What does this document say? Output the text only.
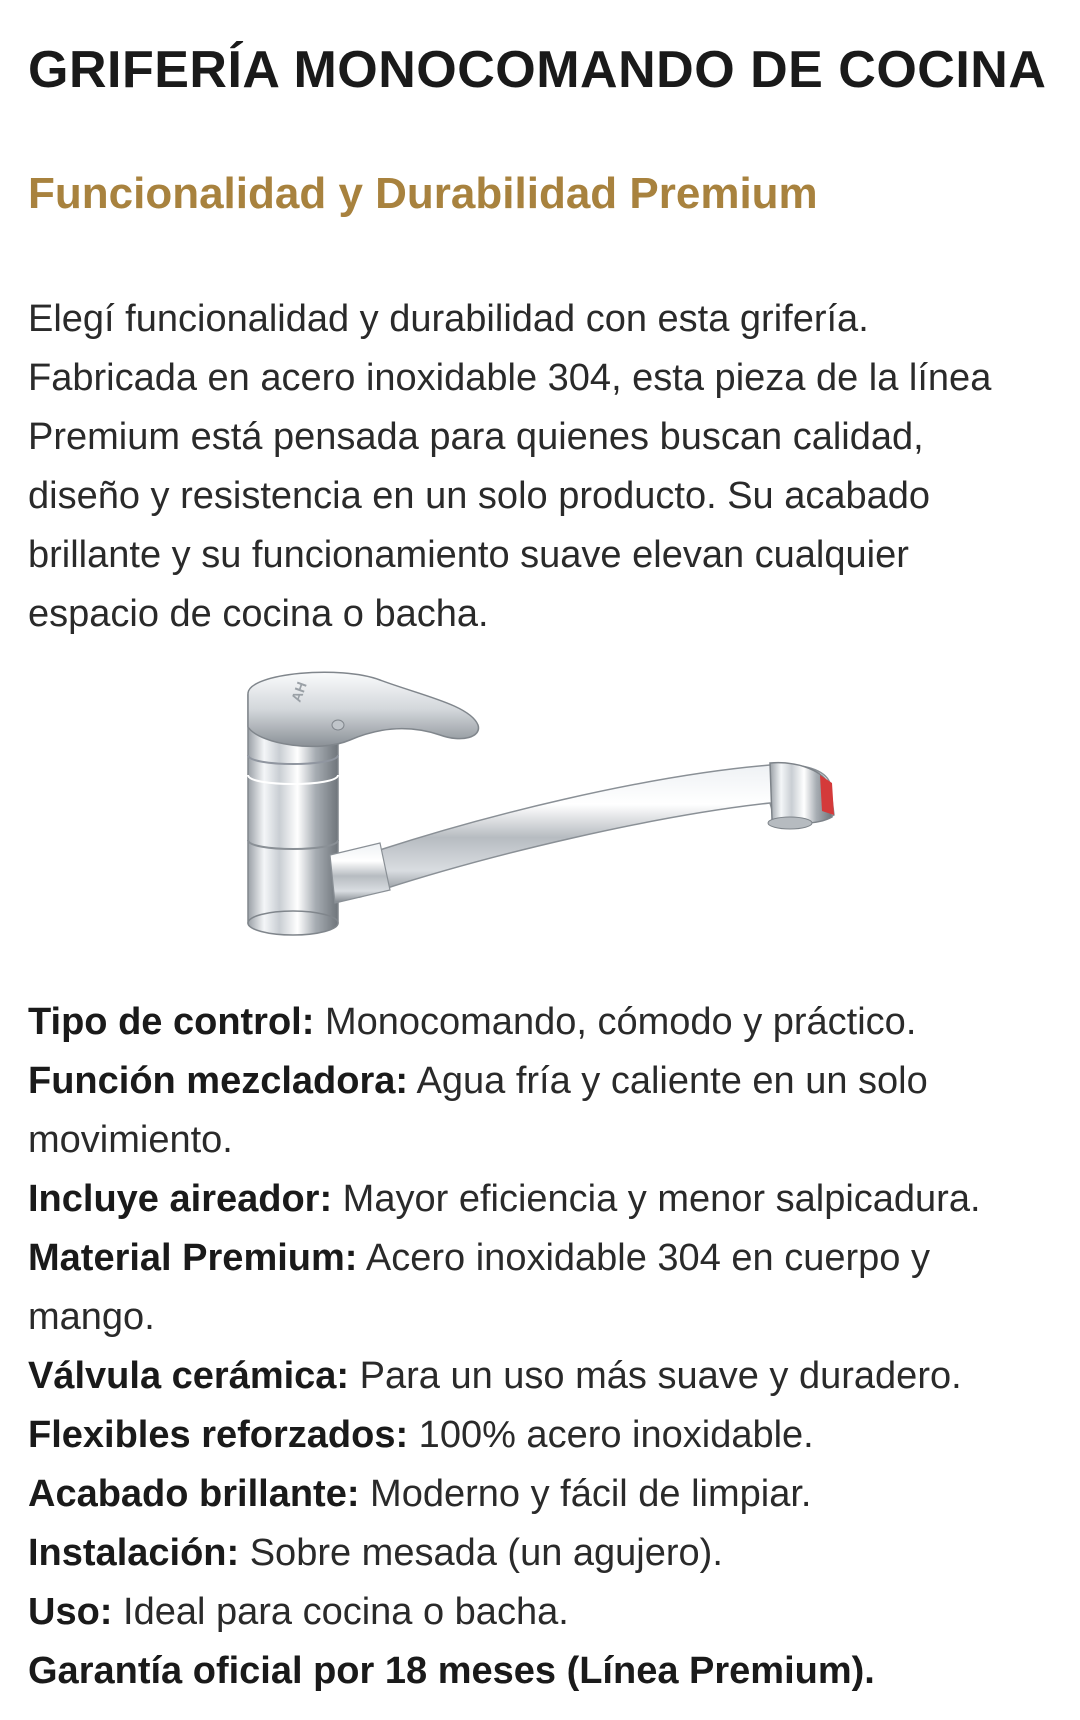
GRIFERÍA MONOCOMANDO DE COCINA
Funcionalidad y Durabilidad Premium

Elegí funcionalidad y durabilidad con esta grifería. Fabricada en acero inoxidable 304, esta pieza de la línea Premium está pensada para quienes buscan calidad, diseño y resistencia en un solo producto. Su acabado brillante y su funcionamiento suave elevan cualquier espacio de cocina o bacha.

AH
Tipo de control: Monocomando, cómodo y práctico.
Función mezcladora: Agua fría y caliente en un solo movimiento.
Incluye aireador: Mayor eficiencia y menor salpicadura.
Material Premium: Acero inoxidable 304 en cuerpo y mango.
Válvula cerámica: Para un uso más suave y duradero.
Flexibles reforzados: 100% acero inoxidable.
Acabado brillante: Moderno y fácil de limpiar.
Instalación: Sobre mesada (un agujero).
Uso: Ideal para cocina o bacha.
Garantía oficial por 18 meses (Línea Premium).
